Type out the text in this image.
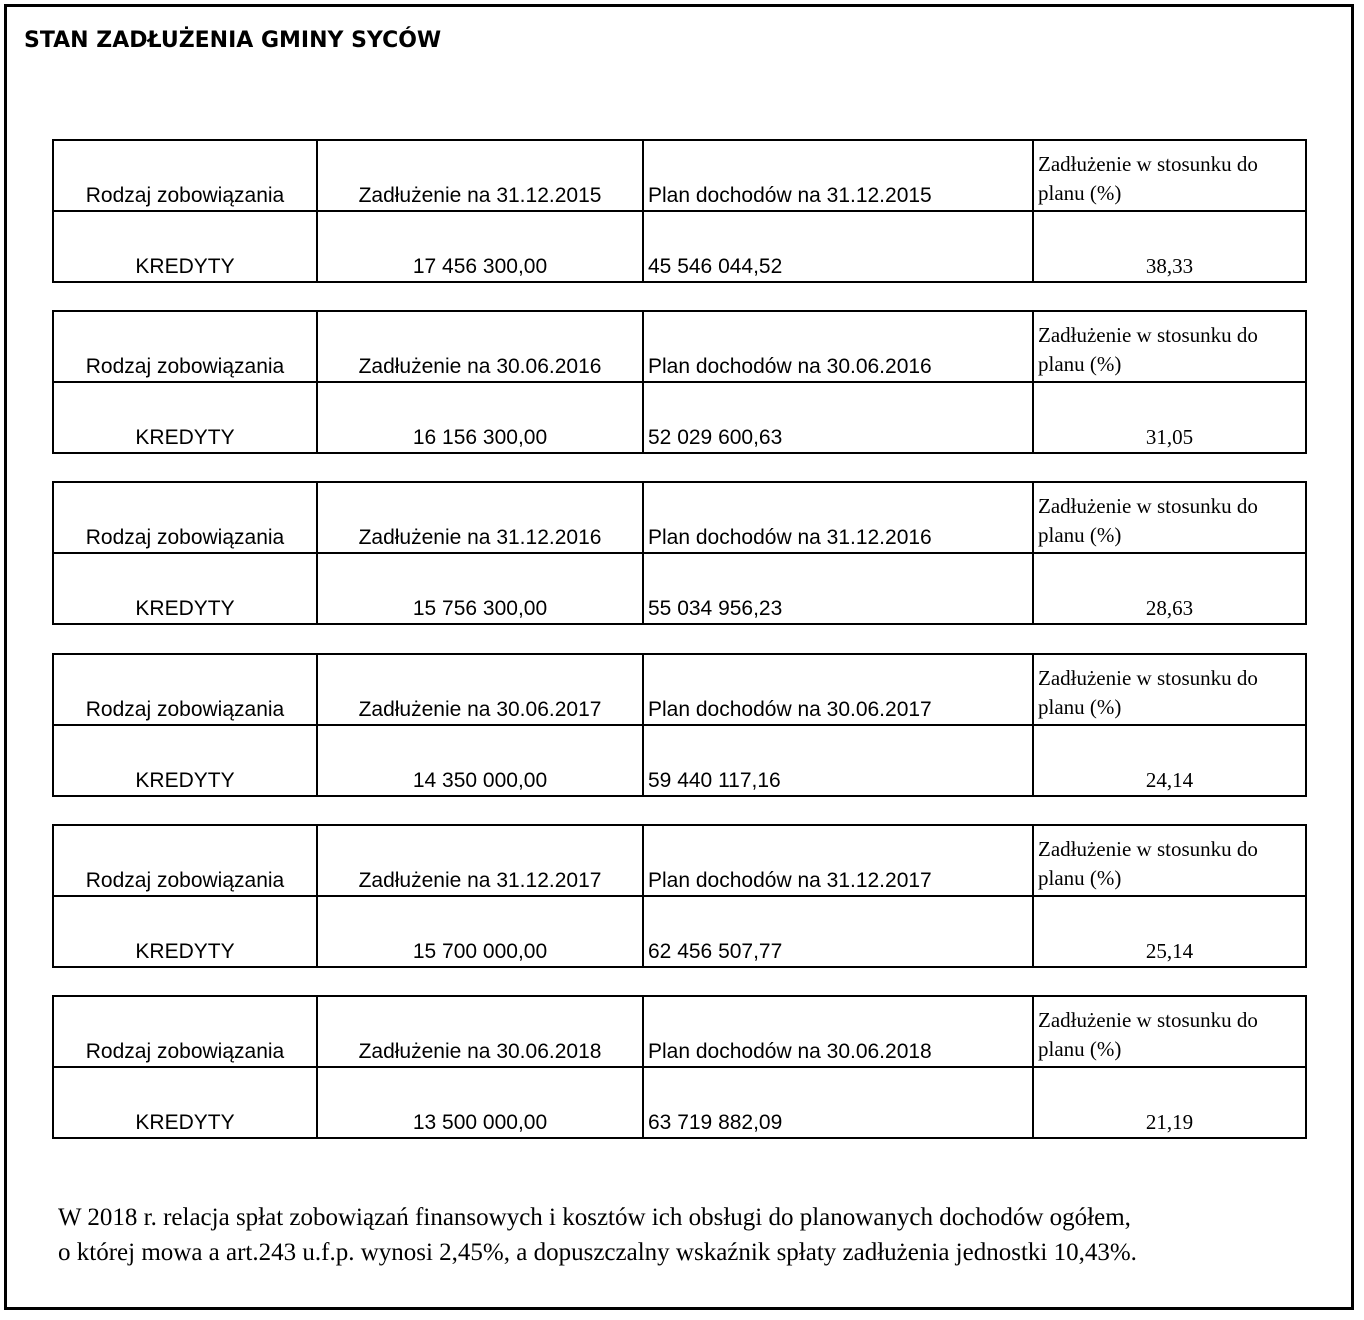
STAN ZADŁUŻENIA GMINY SYCÓW
Rodzaj zobowiązania	Zadłużenie na 31.12.2015	Plan dochodów na 31.12.2015	Zadłużenie w stosunku do planu (%)
KREDYTY	17 456 300,00	45 546 044,52	38,33
Rodzaj zobowiązania	Zadłużenie na 30.06.2016	Plan dochodów na 30.06.2016	Zadłużenie w stosunku do planu (%)
KREDYTY	16 156 300,00	52 029 600,63	31,05
Rodzaj zobowiązania	Zadłużenie na 31.12.2016	Plan dochodów na 31.12.2016	Zadłużenie w stosunku do planu (%)
KREDYTY	15 756 300,00	55 034 956,23	28,63
Rodzaj zobowiązania	Zadłużenie na 30.06.2017	Plan dochodów na 30.06.2017	Zadłużenie w stosunku do planu (%)
KREDYTY	14 350 000,00	59 440 117,16	24,14
Rodzaj zobowiązania	Zadłużenie na 31.12.2017	Plan dochodów na 31.12.2017	Zadłużenie w stosunku do planu (%)
KREDYTY	15 700 000,00	62 456 507,77	25,14
Rodzaj zobowiązania	Zadłużenie na 30.06.2018	Plan dochodów na 30.06.2018	Zadłużenie w stosunku do planu (%)
KREDYTY	13 500 000,00	63 719 882,09	21,19
W 2018 r. relacja spłat zobowiązań finansowych i kosztów ich obsługi do planowanych dochodów ogółem,
o której mowa a art.243 u.f.p. wynosi 2,45%, a dopuszczalny wskaźnik spłaty zadłużenia jednostki 10,43%.
